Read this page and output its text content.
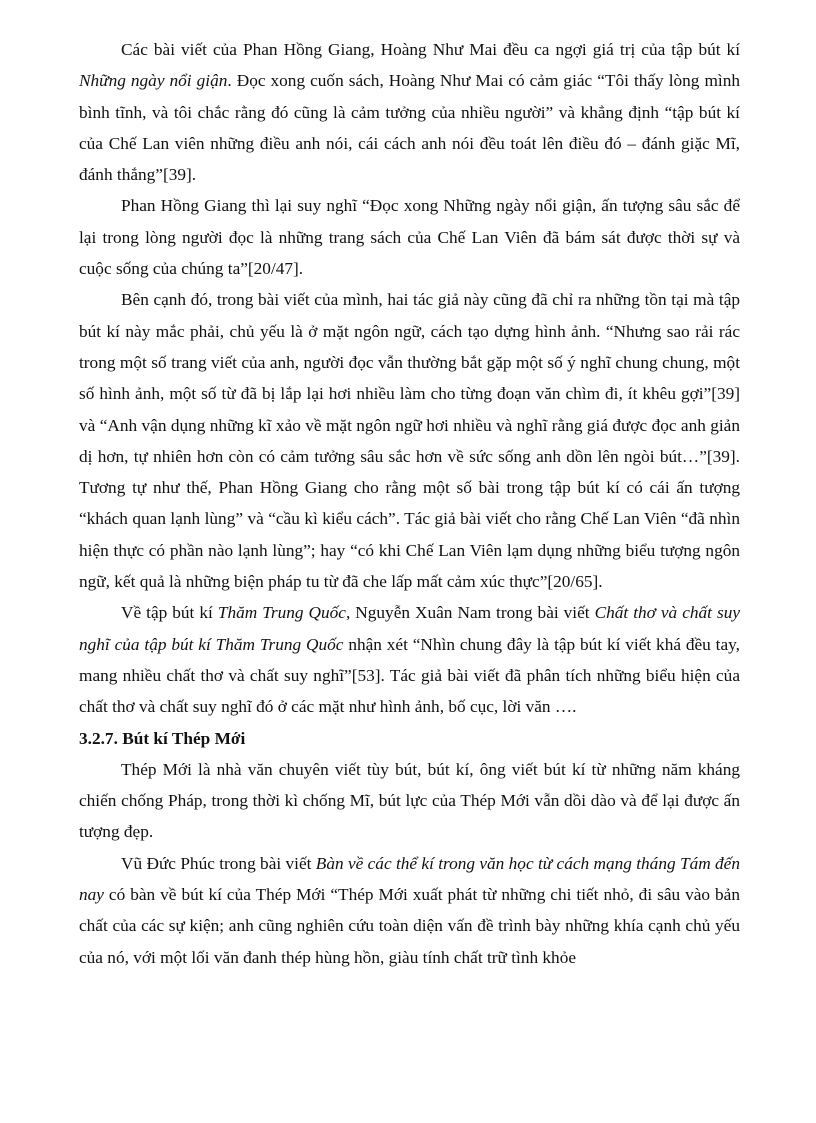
Các bài viết của Phan Hồng Giang, Hoàng Như Mai đều ca ngợi giá trị của tập bút kí Những ngày nổi giận. Đọc xong cuốn sách, Hoàng Như Mai có cảm giác “Tôi thấy lòng mình bình tĩnh, và tôi chắc rằng đó cũng là cảm tưởng của nhiều người” và khẳng định “tập bút kí của Chế Lan viên những điều anh nói, cái cách anh nói đều toát lên điều đó – đánh giặc Mĩ, đánh thắng”[39].

Phan Hồng Giang thì lại suy nghĩ “Đọc xong Những ngày nổi giận, ấn tượng sâu sắc để lại trong lòng người đọc là những trang sách của Chế Lan Viên đã bám sát được thời sự và cuộc sống của chúng ta”[20/47].

Bên cạnh đó, trong bài viết của mình, hai tác giả này cũng đã chỉ ra những tồn tại mà tập bút kí này mắc phải, chủ yếu là ở mặt ngôn ngữ, cách tạo dựng hình ảnh. “Nhưng sao rải rác trong một số trang viết của anh, người đọc vẫn thường bắt gặp một số ý nghĩ chung chung, một số hình ảnh, một số từ đã bị lắp lại hơi nhiều làm cho từng đoạn văn chìm đi, ít khêu gợi”[39] và “Anh vận dụng những kĩ xảo về mặt ngôn ngữ hơi nhiều và nghĩ rằng giá được đọc anh giản dị hơn, tự nhiên hơn còn có cảm tưởng sâu sắc hơn về sức sống anh dồn lên ngòi bút…”[39]. Tương tự như thế, Phan Hồng Giang cho rằng một số bài trong tập bút kí có cái ấn tượng “khách quan lạnh lùng” và “cầu kì kiểu cách”. Tác giả bài viết cho rằng Chế Lan Viên “đã nhìn hiện thực có phần nào lạnh lùng”; hay “có khi Chế Lan Viên lạm dụng những biểu tượng ngôn ngữ, kết quả là những biện pháp tu từ đã che lấp mất cảm xúc thực”[20/65].

Về tập bút kí Thăm Trung Quốc, Nguyễn Xuân Nam trong bài viết Chất thơ và chất suy nghĩ của tập bút kí Thăm Trung Quốc nhận xét “Nhìn chung đây là tập bút kí viết khá đều tay, mang nhiều chất thơ và chất suy nghĩ”[53]. Tác giả bài viết đã phân tích những biểu hiện của chất thơ và chất suy nghĩ đó ở các mặt như hình ảnh, bố cục, lời văn ….

3.2.7. Bút kí Thép Mới

Thép Mới là nhà văn chuyên viết tùy bút, bút kí, ông viết bút kí từ những năm kháng chiến chống Pháp, trong thời kì chống Mĩ, bút lực của Thép Mới vẫn dồi dào và để lại được ấn tượng đẹp.

Vũ Đức Phúc trong bài viết Bàn về các thể kí trong văn học từ cách mạng tháng Tám đến nay có bàn về bút kí của Thép Mới “Thép Mới xuất phát từ những chi tiết nhỏ, đi sâu vào bản chất của các sự kiện; anh cũng nghiên cứu toàn diện vấn đề trình bày những khía cạnh chủ yếu của nó, với một lối văn đanh thép hùng hồn, giàu tính chất trữ tình khỏe
